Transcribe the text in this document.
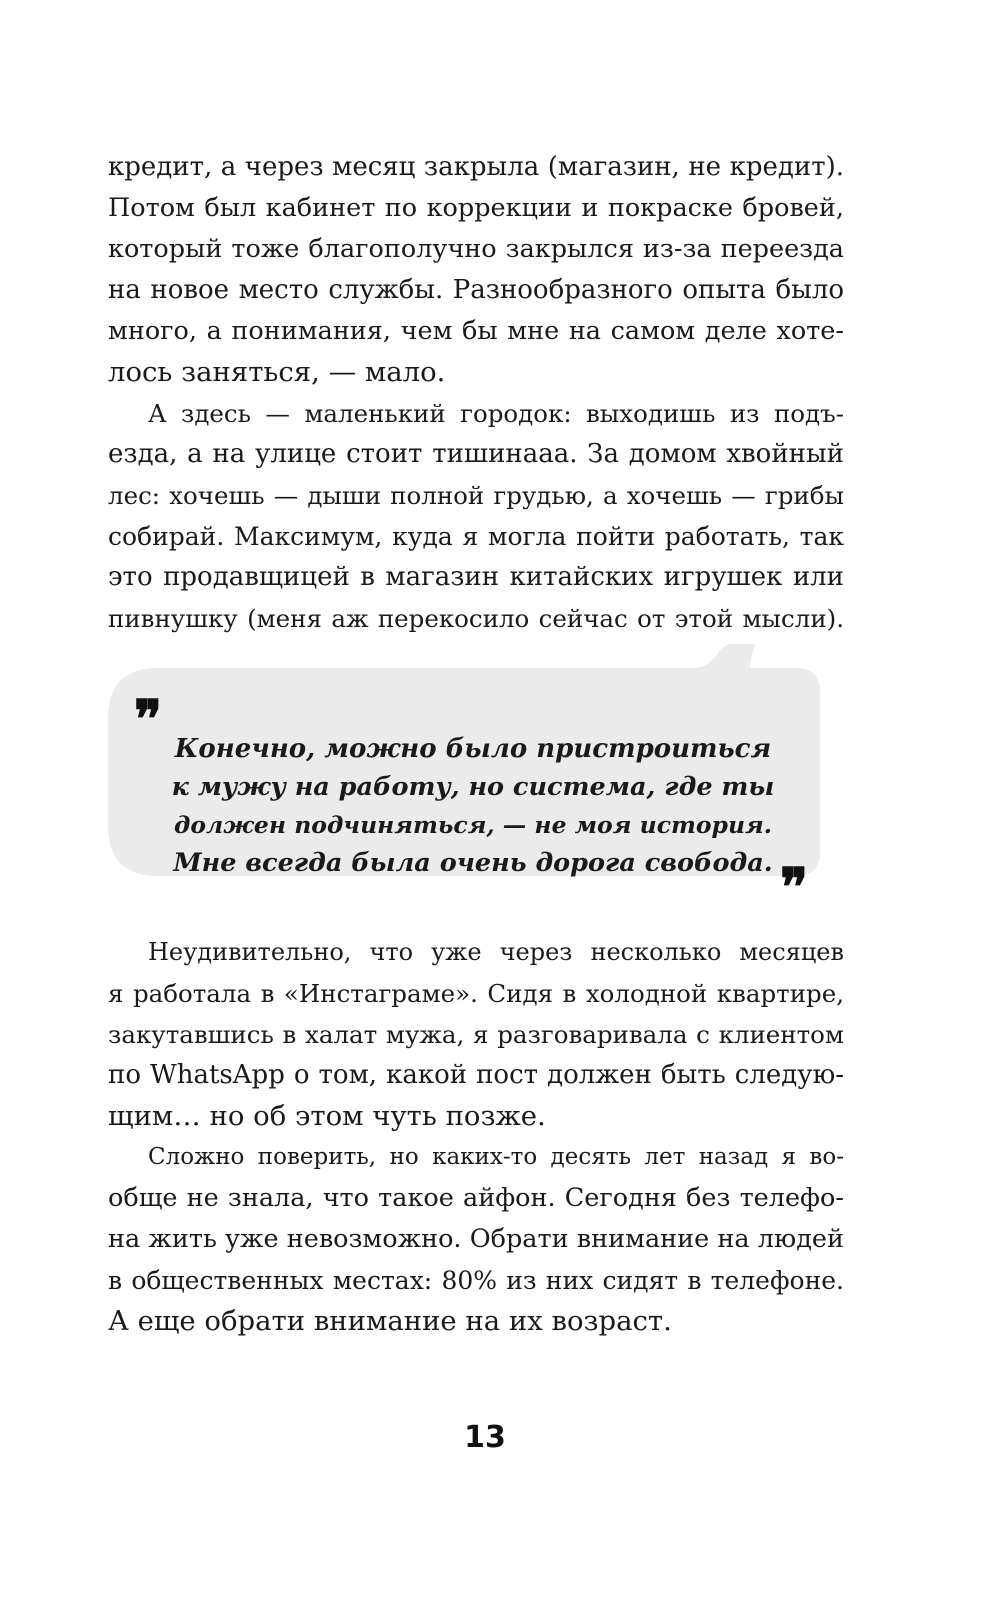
кредит, а через месяц закрыла (магазин, не кредит).
Потом был кабинет по коррекции и покраске бровей,
который тоже благополучно закрылся из-за переезда
на новое место службы. Разнообразного опыта было
много, а понимания, чем бы мне на самом деле хоте-
лось заняться, — мало.
А здесь — маленький городок: выходишь из подъ-
езда, а на улице стоит тишинааа. За домом хвойный
лес: хочешь — дыши полной грудью, а хочешь — грибы
собирай. Максимум, куда я могла пойти работать, так
это продавщицей в магазин китайских игрушек или
пивнушку (меня аж перекосило сейчас от этой мысли).
❞ Конечно, можно было пристроиться
к мужу на работу, но система, где ты
должен подчиняться, — не моя история.
Мне всегда была очень дорога свобода. ❞
Неудивительно, что уже через несколько месяцев
я работала в «Инстаграме». Сидя в холодной квартире,
закутавшись в халат мужа, я разговаривала с клиентом
по WhatsApp о том, какой пост должен быть следую-
щим… но об этом чуть позже.
Сложно поверить, но каких-то десять лет назад я во-
обще не знала, что такое айфон. Сегодня без телефо-
на жить уже невозможно. Обрати внимание на людей
в общественных местах: 80% из них сидят в телефоне.
А еще обрати внимание на их возраст.
13
